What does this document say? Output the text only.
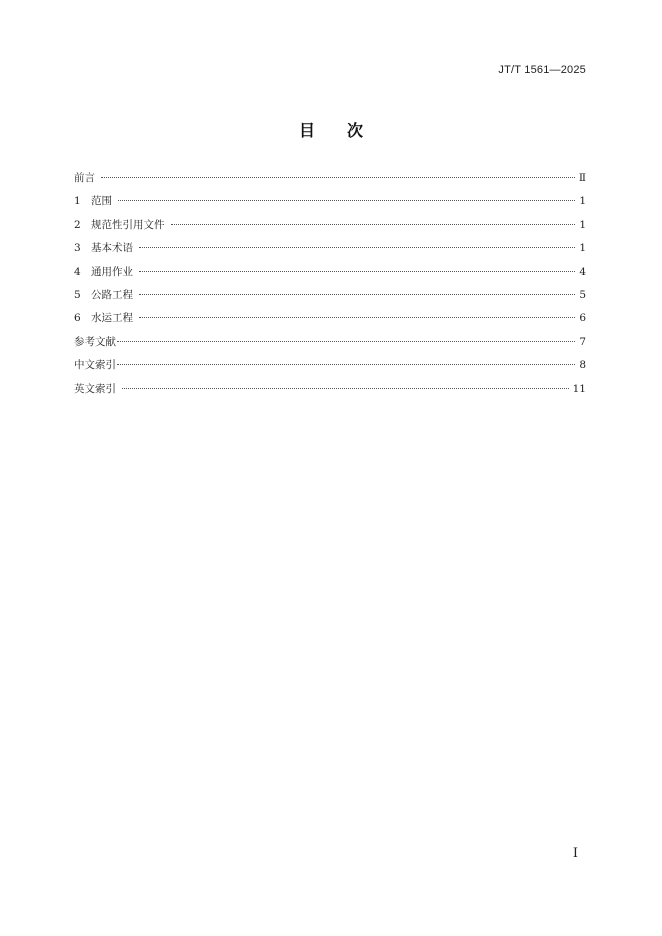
JT/T 1561—2025
目 次
前言	Ⅱ
1 范围	1
2 规范性引用文件	1
3 基本术语	1
4 通用作业	4
5 公路工程	5
6 水运工程	6
参考文献	7
中文索引	8
英文索引	11
I
